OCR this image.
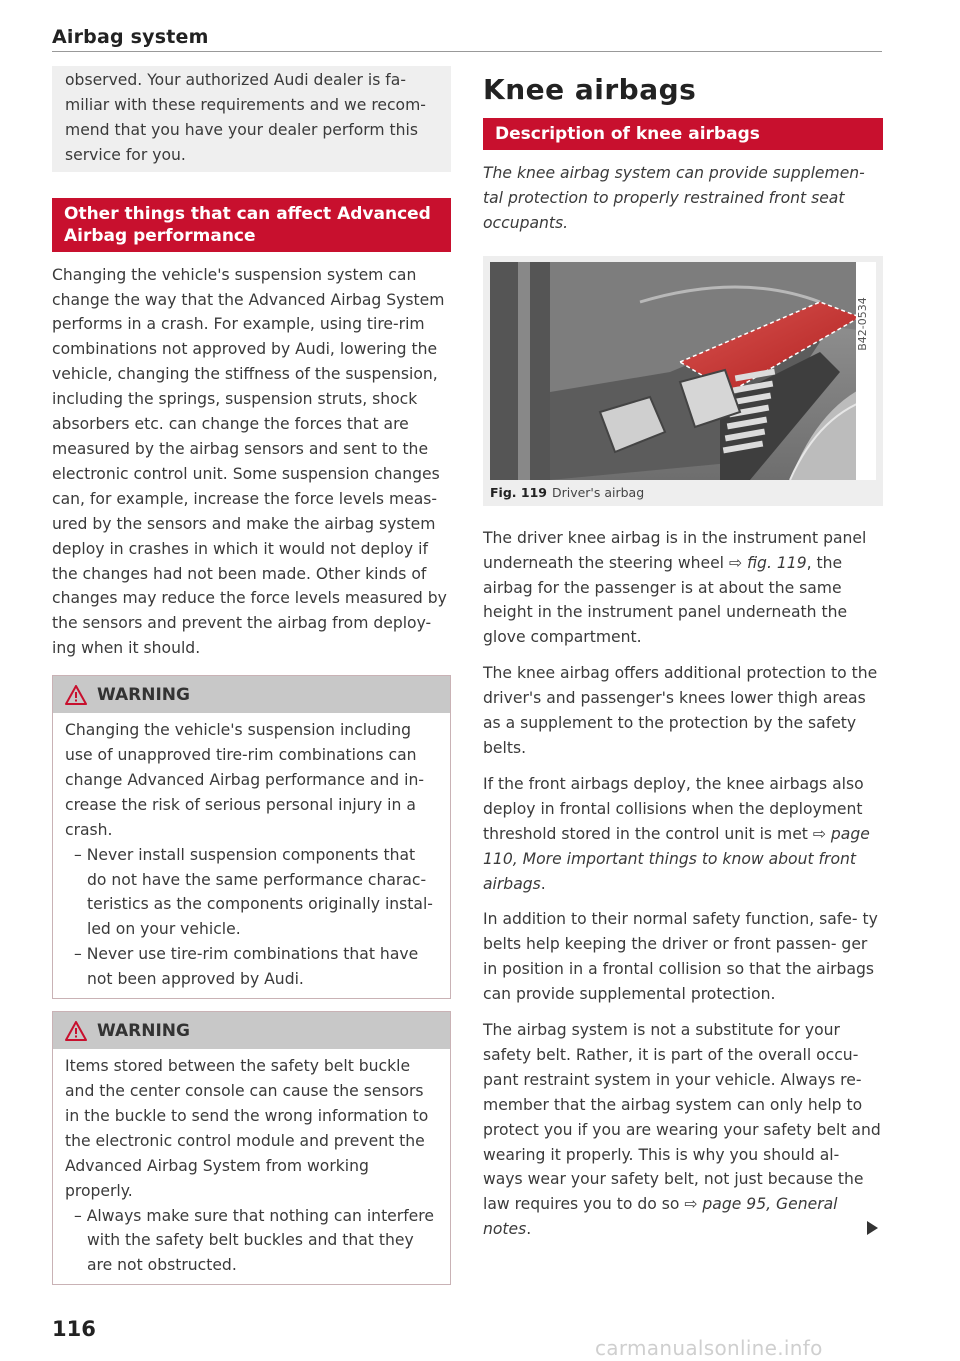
Airbag system

observed. Your authorized Audi dealer is fa- miliar with these requirements and we recom- mend that you have your dealer perform this service for you.

Other things that can affect Advanced Airbag performance

Changing the vehicle's suspension system can change the way that the Advanced Airbag System performs in a crash. For example, using tire-rim combinations not approved by Audi, lowering the vehicle, changing the stiffness of the suspension, including the springs, suspension struts, shock absorbers etc. can change the forces that are measured by the airbag sensors and sent to the electronic control unit. Some suspension changes can, for example, increase the force levels meas- ured by the sensors and make the airbag system deploy in crashes in which it would not deploy if the changes had not been made. Other kinds of changes may reduce the force levels measured by the sensors and prevent the airbag from deploy- ing when it should.

WARNING

Changing the vehicle's suspension including use of unapproved tire-rim combinations can change Advanced Airbag performance and in- crease the risk of serious personal injury in a crash.

– Never install suspension components that do not have the same performance charac- teristics as the components originally instal- led on your vehicle.
– Never use tire-rim combinations that have not been approved by Audi.
WARNING

Items stored between the safety belt buckle and the center console can cause the sensors in the buckle to send the wrong information to the electronic control module and prevent the Advanced Airbag System from working properly.

– Always make sure that nothing can interfere with the safety belt buckles and that they are not obstructed.
Knee airbags
Description of knee airbags

The knee airbag system can provide supplemen- tal protection to properly restrained front seat occupants.

B42-0534
Fig. 119 Driver's airbag

The driver knee airbag is in the instrument panel underneath the steering wheel ⇨ fig. 119, the airbag for the passenger is at about the same height in the instrument panel underneath the glove compartment.

The knee airbag offers additional protection to the driver's and passenger's knees lower thigh areas as a supplement to the protection by the safety belts.

If the front airbags deploy, the knee airbags also deploy in frontal collisions when the deployment threshold stored in the control unit is met ⇨ page 110, More important things to know about front airbags.

In addition to their normal safety function, safe- ty belts help keeping the driver or front passen- ger in position in a frontal collision so that the airbags can provide supplemental protection.

The airbag system is not a substitute for your safety belt. Rather, it is part of the overall occu- pant restraint system in your vehicle. Always re- member that the airbag system can only help to protect you if you are wearing your safety belt and wearing it properly. This is why you should al- ways wear your safety belt, not just because the law requires you to do so ⇨ page 95, General notes.

116
carmanualsonline.info
